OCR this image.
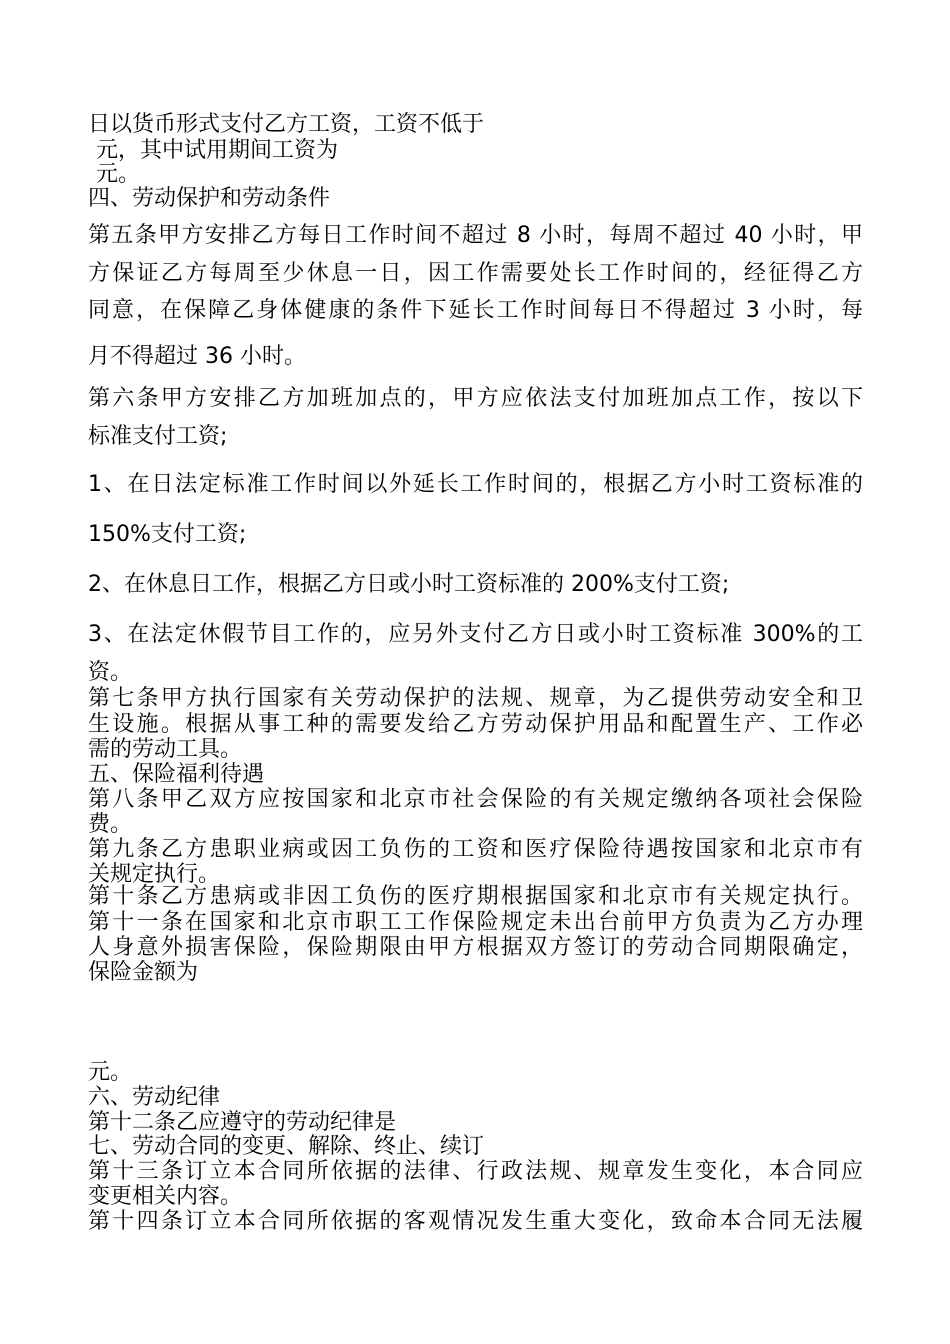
日以货币形式支付乙方工资，工资不低于
元，其中试用期间工资为
元。
四、劳动保护和劳动条件
第五条甲方安排乙方每日工作时间不超过 8 小时，每周不超过 40 小时，甲
方保证乙方每周至少休息一日，因工作需要处长工作时间的，经征得乙方
同意，在保障乙身体健康的条件下延长工作时间每日不得超过 3 小时，每
月不得超过 36 小时。
第六条甲方安排乙方加班加点的，甲方应依法支付加班加点工作，按以下
标准支付工资;
1、在日法定标准工作时间以外延长工作时间的，根据乙方小时工资标准的
150%支付工资;
2、在休息日工作，根据乙方日或小时工资标准的 200%支付工资;
3、在法定休假节目工作的，应另外支付乙方日或小时工资标准 300%的工
资。
第七条甲方执行国家有关劳动保护的法规、规章，为乙提供劳动安全和卫
生设施。根据从事工种的需要发给乙方劳动保护用品和配置生产、工作必
需的劳动工具。
五、保险福利待遇
第八条甲乙双方应按国家和北京市社会保险的有关规定缴纳各项社会保险
费。
第九条乙方患职业病或因工负伤的工资和医疗保险待遇按国家和北京市有
关规定执行。
第十条乙方患病或非因工负伤的医疗期根据国家和北京市有关规定执行。
第十一条在国家和北京市职工工作保险规定未出台前甲方负责为乙方办理
人身意外损害保险，保险期限由甲方根据双方签订的劳动合同期限确定，
保险金额为
元。
六、劳动纪律
第十二条乙应遵守的劳动纪律是
七、劳动合同的变更、解除、终止、续订
第十三条订立本合同所依据的法律、行政法规、规章发生变化，本合同应
变更相关内容。
第十四条订立本合同所依据的客观情况发生重大变化，致命本合同无法履
